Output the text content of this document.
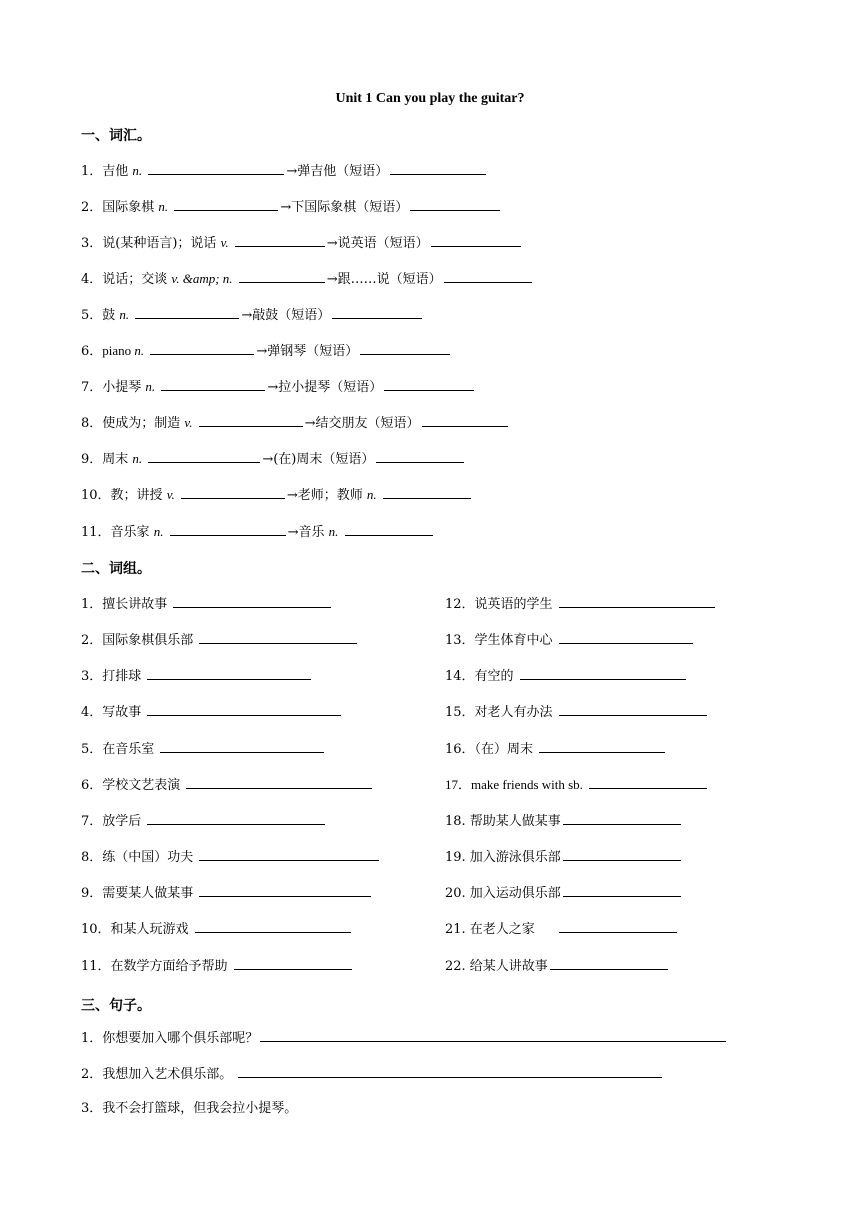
Unit 1 Can you play the guitar?
一、词汇。
1．吉他 n.	→弹吉他（短语）
2．国际象棋 n.	→下国际象棋（短语）
3．说(某种语言)；说话 v.	→说英语（短语）
4．说话；交谈 v. &amp; n.	→跟……说（短语）
5．鼓 n.	→敲鼓（短语）
6．piano n.	→弹钢琴（短语）
7．小提琴 n.	→拉小提琴（短语）
8．使成为；制造 v.	→结交朋友（短语）
9．周末 n.	→(在)周末（短语）
10．教；讲授 v.	→老师；教师 n.
11．音乐家 n.	→音乐 n.
二、词组。
1．擅长讲故事
2．国际象棋俱乐部
3．打排球
4．写故事
5．在音乐室
6．学校文艺表演
7．放学后
8．练（中国）功夫
9．需要某人做某事
10．和某人玩游戏
11．在数学方面给予帮助
12．说英语的学生
13．学生体育中心
14．有空的
15．对老人有办法
16．（在）周末
17．make friends with sb.
18. 帮助某人做某事
19. 加入游泳俱乐部
20. 加入运动俱乐部
21. 在老人之家
22. 给某人讲故事
三、句子。
1．你想要加入哪个俱乐部呢？
2．我想加入艺术俱乐部。
3．我不会打篮球，但我会拉小提琴。
